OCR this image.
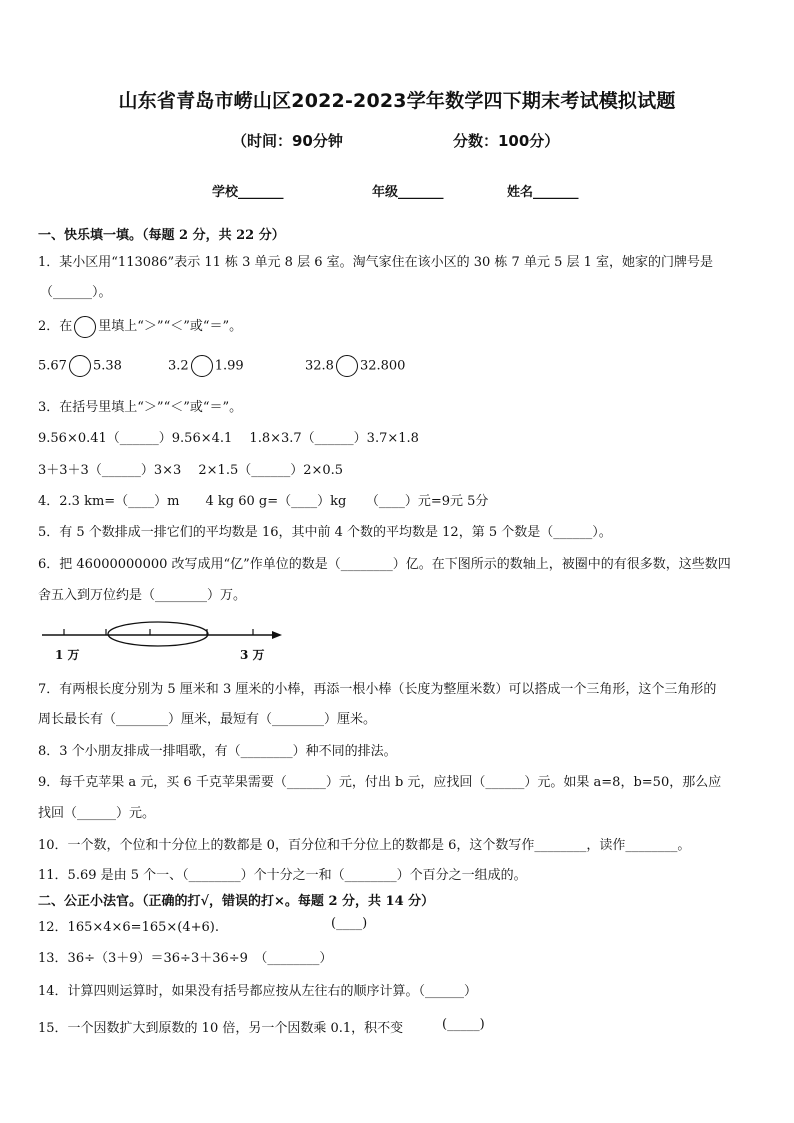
山东省青岛市崂山区2022-2023学年数学四下期末考试模拟试题
（时间：90分钟	分数：100分）
学校_______	年级_______	姓名_______
一、快乐填一填。（每题 2 分，共 22 分）
1．某小区用“113086”表示 11 栋 3 单元 8 层 6 室。淘气家住在该小区的 30 栋 7 单元 5 层 1 室，她家的门牌号是
（______）。
2．在 里填上“＞”“＜”或“＝”。
5.67 5.38	3.2 1.99	32.8 32.800
3．在括号里填上“＞”“＜”或“＝”。
9.56×0.41（______）9.56×4.1　 1.8×3.7（______）3.7×1.8
3＋3＋3（______）3×3　 2×1.5（______）2×0.5
4．2.3 km=（____）m　　4 kg 60 g=（____）kg　　（____）元=9元 5分
5．有 5 个数排成一排它们的平均数是 16，其中前 4 个数的平均数是 12，第 5 个数是（______）。
6．把 46000000000 改写成用“亿”作单位的数是（________）亿。在下图所示的数轴上，被圈中的有很多数，这些数四
舍五入到万位约是（________）万。
1 万	3 万
7．有两根长度分别为 5 厘米和 3 厘米的小棒，再添一根小棒（长度为整厘米数）可以搭成一个三角形，这个三角形的
周长最长有（________）厘米，最短有（________）厘米。
8．3 个小朋友排成一排唱歌，有（________）种不同的排法。
9．每千克苹果 a 元，买 6 千克苹果需要（______）元，付出 b 元，应找回（______）元。如果 a=8，b=50，那么应
找回（______）元。
10．一个数，个位和十分位上的数都是 0，百分位和千分位上的数都是 6，这个数写作________，读作________。
11．5.69 是由 5 个一、（________）个十分之一和（________）个百分之一组成的。
二、公正小法官。（正确的打√，错误的打×。每题 2 分，共 14 分）
12．165×4×6=165×(4+6).	(____)
13．36÷（3＋9）＝36÷3＋36÷9　（________）
14．计算四则运算时，如果没有括号都应按从左往右的顺序计算。（______）
15．一个因数扩大到原数的 10 倍，另一个因数乘 0.1，积不变	(_____)
